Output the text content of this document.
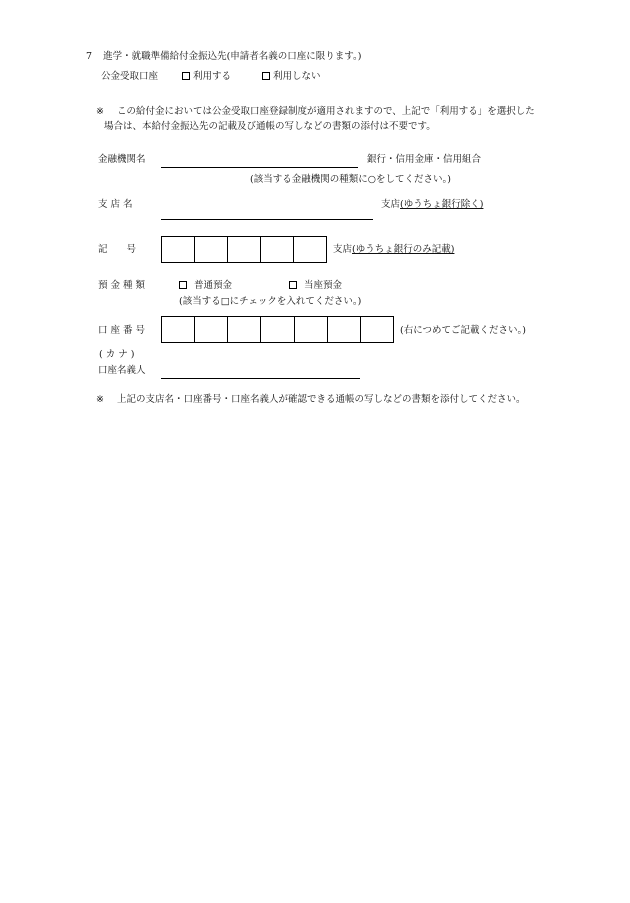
7 進学・就職準備給付金振込先(申請者名義の口座に限ります。)
公金受取口座	利用する	利用しない
※ この給付金においては公金受取口座登録制度が適用されますので、上記で「利用する」を選択した
場合は、本給付金振込先の記載及び通帳の写しなどの書類の添付は不要です。
金融機関名	銀行・信用金庫・信用組合
(該当する金融機関の種類に○をしてください。)
支 店 名	支店(ゆうちょ銀行除く)
記　　号	支店(ゆうちょ銀行のみ記載)
預 金 種 類	普通預金	当座預金
(該当する□にチェックを入れてください。)
口 座 番 号	(右につめてご記載ください。)
( カ ナ )
口座名義人
※ 上記の支店名・口座番号・口座名義人が確認できる通帳の写しなどの書類を添付してください。
